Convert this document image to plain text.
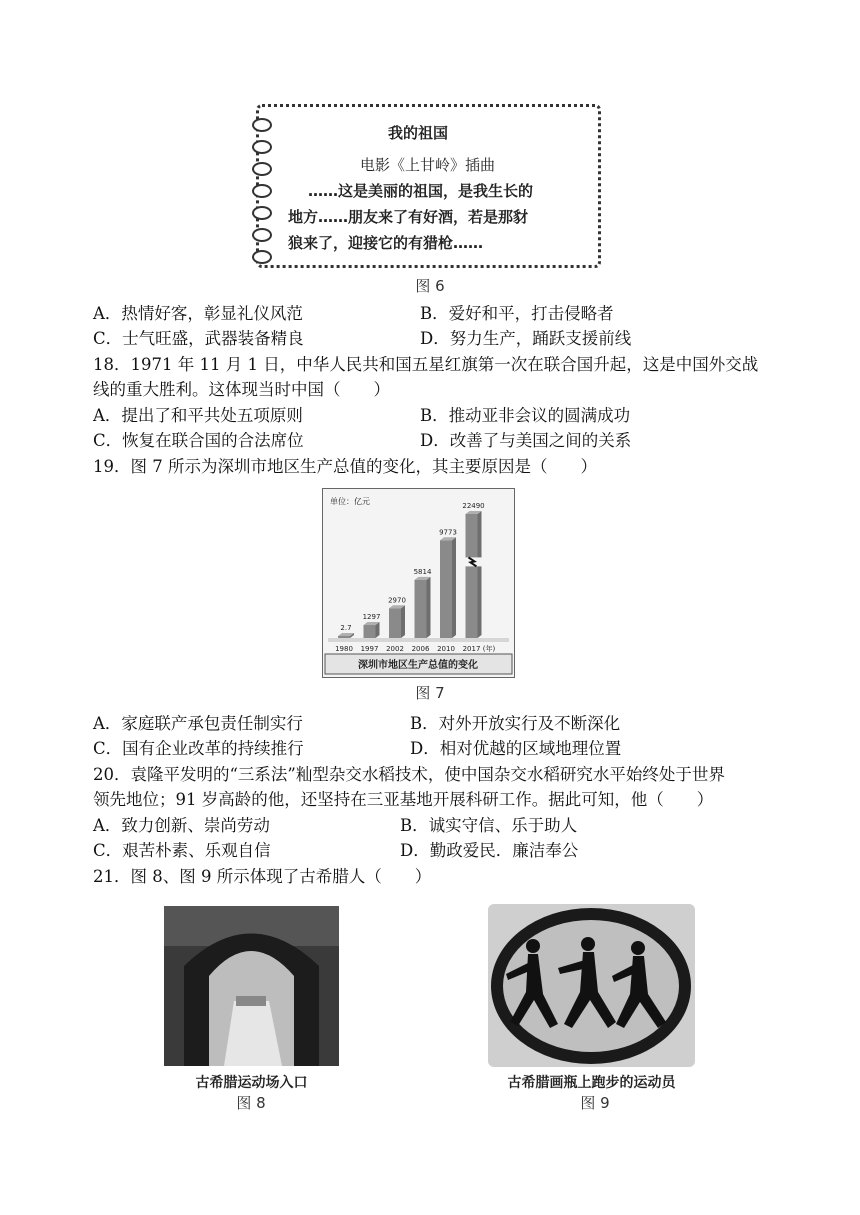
我的祖国
电影《上甘岭》插曲
……这是美丽的祖国，是我生长的
地方……朋友来了有好酒，若是那豺
狼来了，迎接它的有猎枪……
图 6
A．热情好客，彰显礼仪风范	B．爱好和平，打击侵略者
C．士气旺盛，武器装备精良	D．努力生产，踊跃支援前线
18．1971 年 11 月 1 日，中华人民共和国五星红旗第一次在联合国升起，这是中国外交战
线的重大胜利。这体现当时中国（　　）
A．提出了和平共处五项原则	B．推动亚非会议的圆满成功
C．恢复在联合国的合法席位	D．改善了与美国之间的关系
19．图 7 所示为深圳市地区生产总值的变化，其主要原因是（　　）
单位：亿元
2.7
1980
1297
1997
2970
2002
5814
2006
9773
2010
22490
2017 (年)
深圳市地区生产总值的变化
图 7
A．家庭联产承包责任制实行	B．对外开放实行及不断深化
C．国有企业改革的持续推行	D．相对优越的区域地理位置
20．袁隆平发明的“三系法”籼型杂交水稻技术，使中国杂交水稻研究水平始终处于世界
领先地位；91 岁高龄的他，还坚持在三亚基地开展科研工作。据此可知，他（　　）
A．致力创新、崇尚劳动	B．诚实守信、乐于助人
C．艰苦朴素、乐观自信	D．勤政爱民．廉洁奉公
21．图 8、图 9 所示体现了古希腊人（　　）
古希腊运动场入口
图 8
古希腊画瓶上跑步的运动员
图 9
